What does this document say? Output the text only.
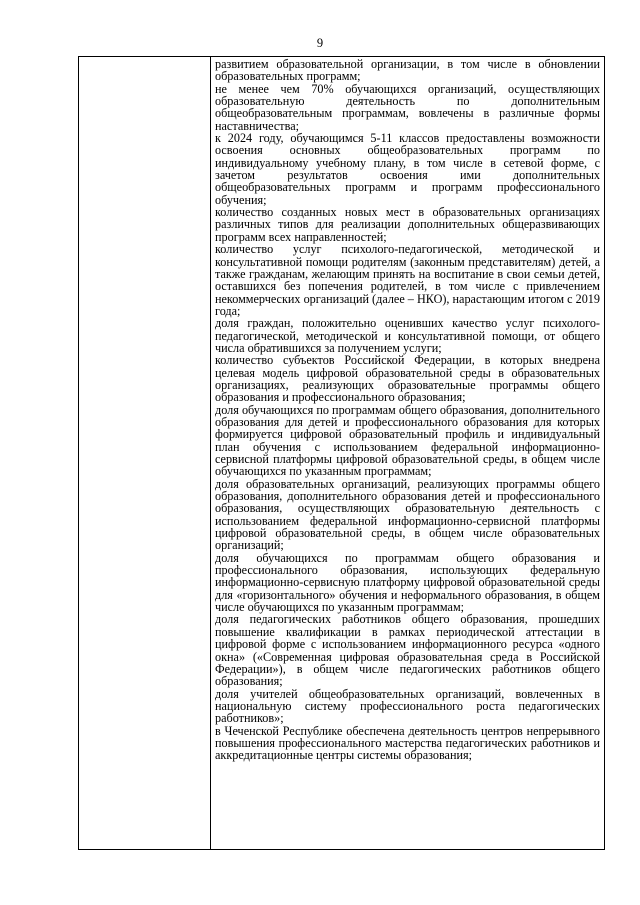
9

развитием образовательной организации, в том числе в обновлении образовательных программ;

не менее чем 70% обучающихся организаций, осуществляющих образовательную деятельность по дополнительным общеобразовательным программам, вовлечены в различные формы наставничества;

к 2024 году, обучающимся 5-11 классов предоставлены возможности освоения основных общеобразовательных программ по индивидуальному учебному плану, в том числе в сетевой форме, с зачетом результатов освоения ими дополнительных общеобразовательных программ и программ профессионального обучения;

количество созданных новых мест в образовательных организациях различных типов для реализации дополнительных общеразвивающих программ всех направленностей;

количество услуг психолого-педагогической, методической и консультативной помощи родителям (законным представителям) детей, а также гражданам, желающим принять на воспитание в свои семьи детей, оставшихся без попечения родителей, в том числе с привлечением некоммерческих организаций (далее – НКО), нарастающим итогом с 2019 года;

доля граждан, положительно оценивших качество услуг психолого-педагогической, методической и консультативной помощи, от общего числа обратившихся за получением услуги;

количество субъектов Российской Федерации, в которых внедрена целевая модель цифровой образовательной среды в образовательных организациях, реализующих образовательные программы общего образования и профессионального образования;

доля обучающихся по программам общего образования, дополнительного образования для детей и профессионального образования для которых формируется цифровой образовательный профиль и индивидуальный план обучения с использованием федеральной информационно-сервисной платформы цифровой образовательной среды, в общем числе обучающихся по указанным программам;

доля образовательных организаций, реализующих программы общего образования, дополнительного образования детей и профессионального образования, осуществляющих образовательную деятельность с использованием федеральной информационно-сервисной платформы цифровой образовательной среды, в общем числе образовательных организаций;

доля обучающихся по программам общего образования и профессионального образования, использующих федеральную информационно-сервисную платформу цифровой образовательной среды для «горизонтального» обучения и неформального образования, в общем числе обучающихся по указанным программам;

доля педагогических работников общего образования, прошедших повышение квалификации в рамках периодической аттестации в цифровой форме с использованием информационного ресурса «одного окна» («Современная цифровая образовательная среда в Российской Федерации»), в общем числе педагогических работников общего образования;

доля учителей общеобразовательных организаций, вовлеченных в национальную систему профессионального роста педагогических работников»;

в Чеченской Республике обеспечена деятельность центров непрерывного повышения профессионального мастерства педагогических работников и аккредитационные центры системы образования;
